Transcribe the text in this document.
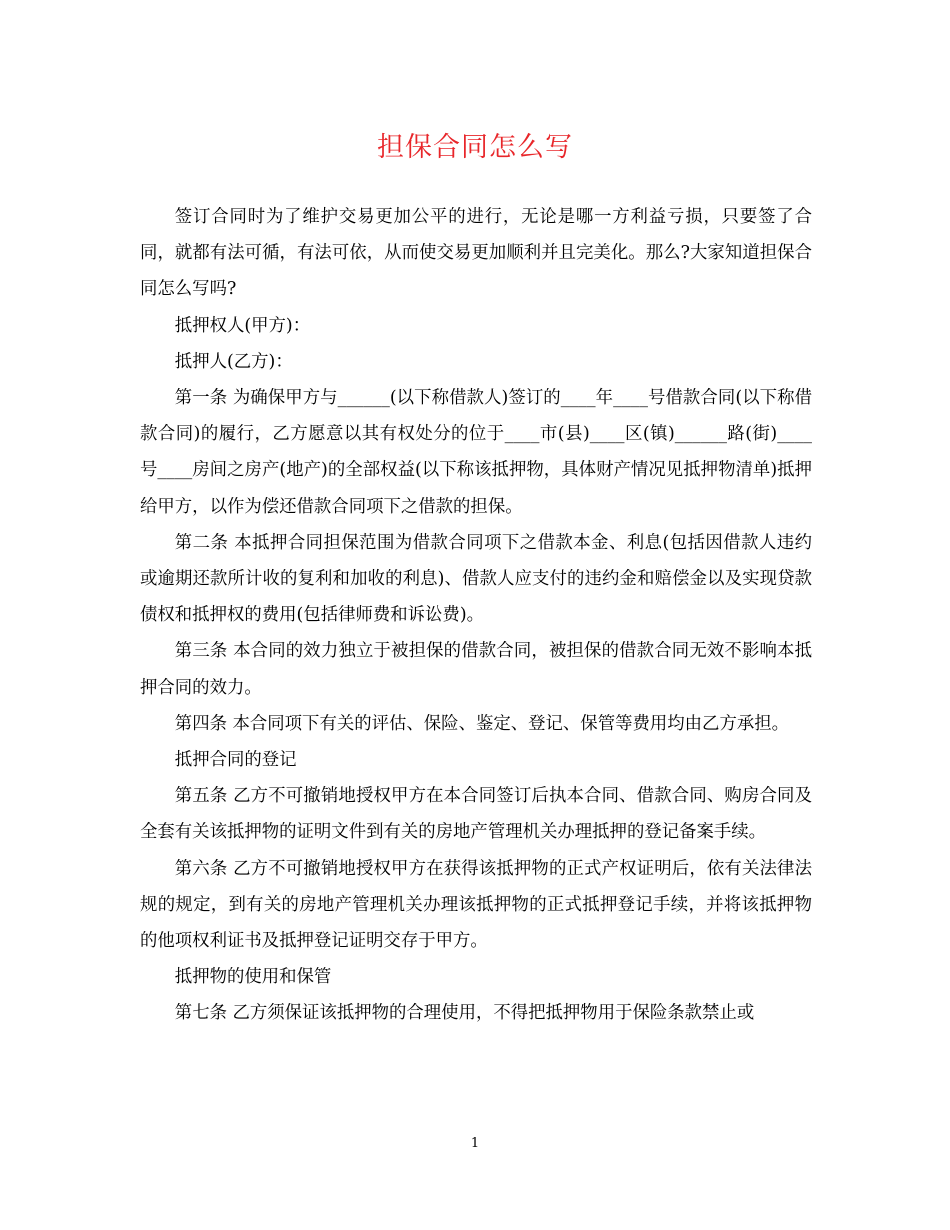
担保合同怎么写

签订合同时为了维护交易更加公平的进行，无论是哪一方利益亏损，只要签了合同，就都有法可循，有法可依，从而使交易更加顺利并且完美化。那么?大家知道担保合同怎么写吗?

抵押权人(甲方)：

抵押人(乙方)：

第一条 为确保甲方与______(以下称借款人)签订的____年____号借款合同(以下称借款合同)的履行，乙方愿意以其有权处分的位于____市(县)____区(镇)______路(街)____号____房间之房产(地产)的全部权益(以下称该抵押物，具体财产情况见抵押物清单)抵押给甲方，以作为偿还借款合同项下之借款的担保。

第二条 本抵押合同担保范围为借款合同项下之借款本金、利息(包括因借款人违约或逾期还款所计收的复利和加收的利息)、借款人应支付的违约金和赔偿金以及实现贷款债权和抵押权的费用(包括律师费和诉讼费)。

第三条 本合同的效力独立于被担保的借款合同，被担保的借款合同无效不影响本抵押合同的效力。

第四条 本合同项下有关的评估、保险、鉴定、登记、保管等费用均由乙方承担。

抵押合同的登记

第五条 乙方不可撤销地授权甲方在本合同签订后执本合同、借款合同、购房合同及全套有关该抵押物的证明文件到有关的房地产管理机关办理抵押的登记备案手续。

第六条 乙方不可撤销地授权甲方在获得该抵押物的正式产权证明后，依有关法律法规的规定，到有关的房地产管理机关办理该抵押物的正式抵押登记手续，并将该抵押物的他项权利证书及抵押登记证明交存于甲方。

抵押物的使用和保管

第七条 乙方须保证该抵押物的合理使用，不得把抵押物用于保险条款禁止或

1
